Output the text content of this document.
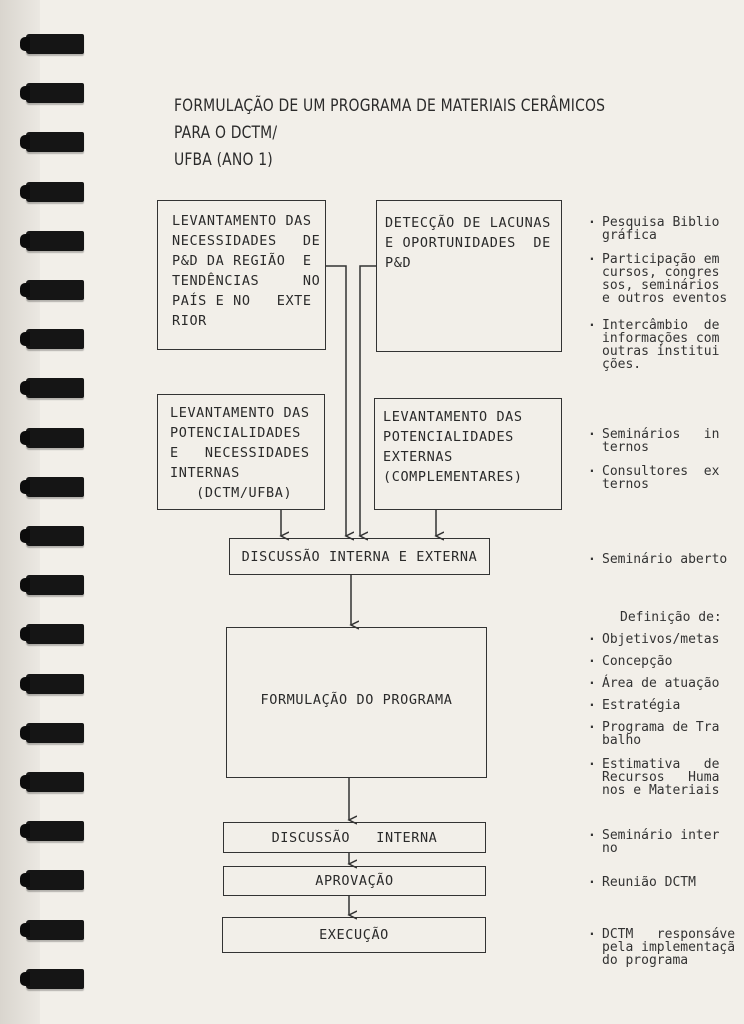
FORMULAÇÃO DE UM PROGRAMA DE MATERIAIS CERÂMICOS PARA O DCTM/
UFBA (ANO 1)
LEVANTAMENTO DAS
NECESSIDADES   DE
P&D DA REGIÃO  E
TENDÊNCIAS     NO
PAÍS E NO   EXTE
RIOR
DETECÇÃO DE LACUNAS
E OPORTUNIDADES  DE
P&D
LEVANTAMENTO DAS
POTENCIALIDADES
E   NECESSIDADES
INTERNAS
(DCTM/UFBA)
LEVANTAMENTO DAS
POTENCIALIDADES
EXTERNAS
(COMPLEMENTARES)
DISCUSSÃO INTERNA E EXTERNA
FORMULAÇÃO DO PROGRAMA
DISCUSSÃO   INTERNA
APROVAÇÃO
EXECUÇÃO

. Pesquisa Biblio
gráfica

. Participação em
cursos, congres
sos, seminários
e outros eventos

. Intercâmbio  de
informações com
outras institui
ções.

. Seminários   in
ternos

. Consultores  ex
ternos

. Seminário aberto

Definição de:

. Objetivos/metas

. Concepção

. Área de atuação

. Estratégia

. Programa de Tra
balho

. Estimativa   de
Recursos   Huma
nos e Materiais

. Seminário inter
no

. Reunião DCTM

. DCTM   responsáve
pela implementaçã
do programa
